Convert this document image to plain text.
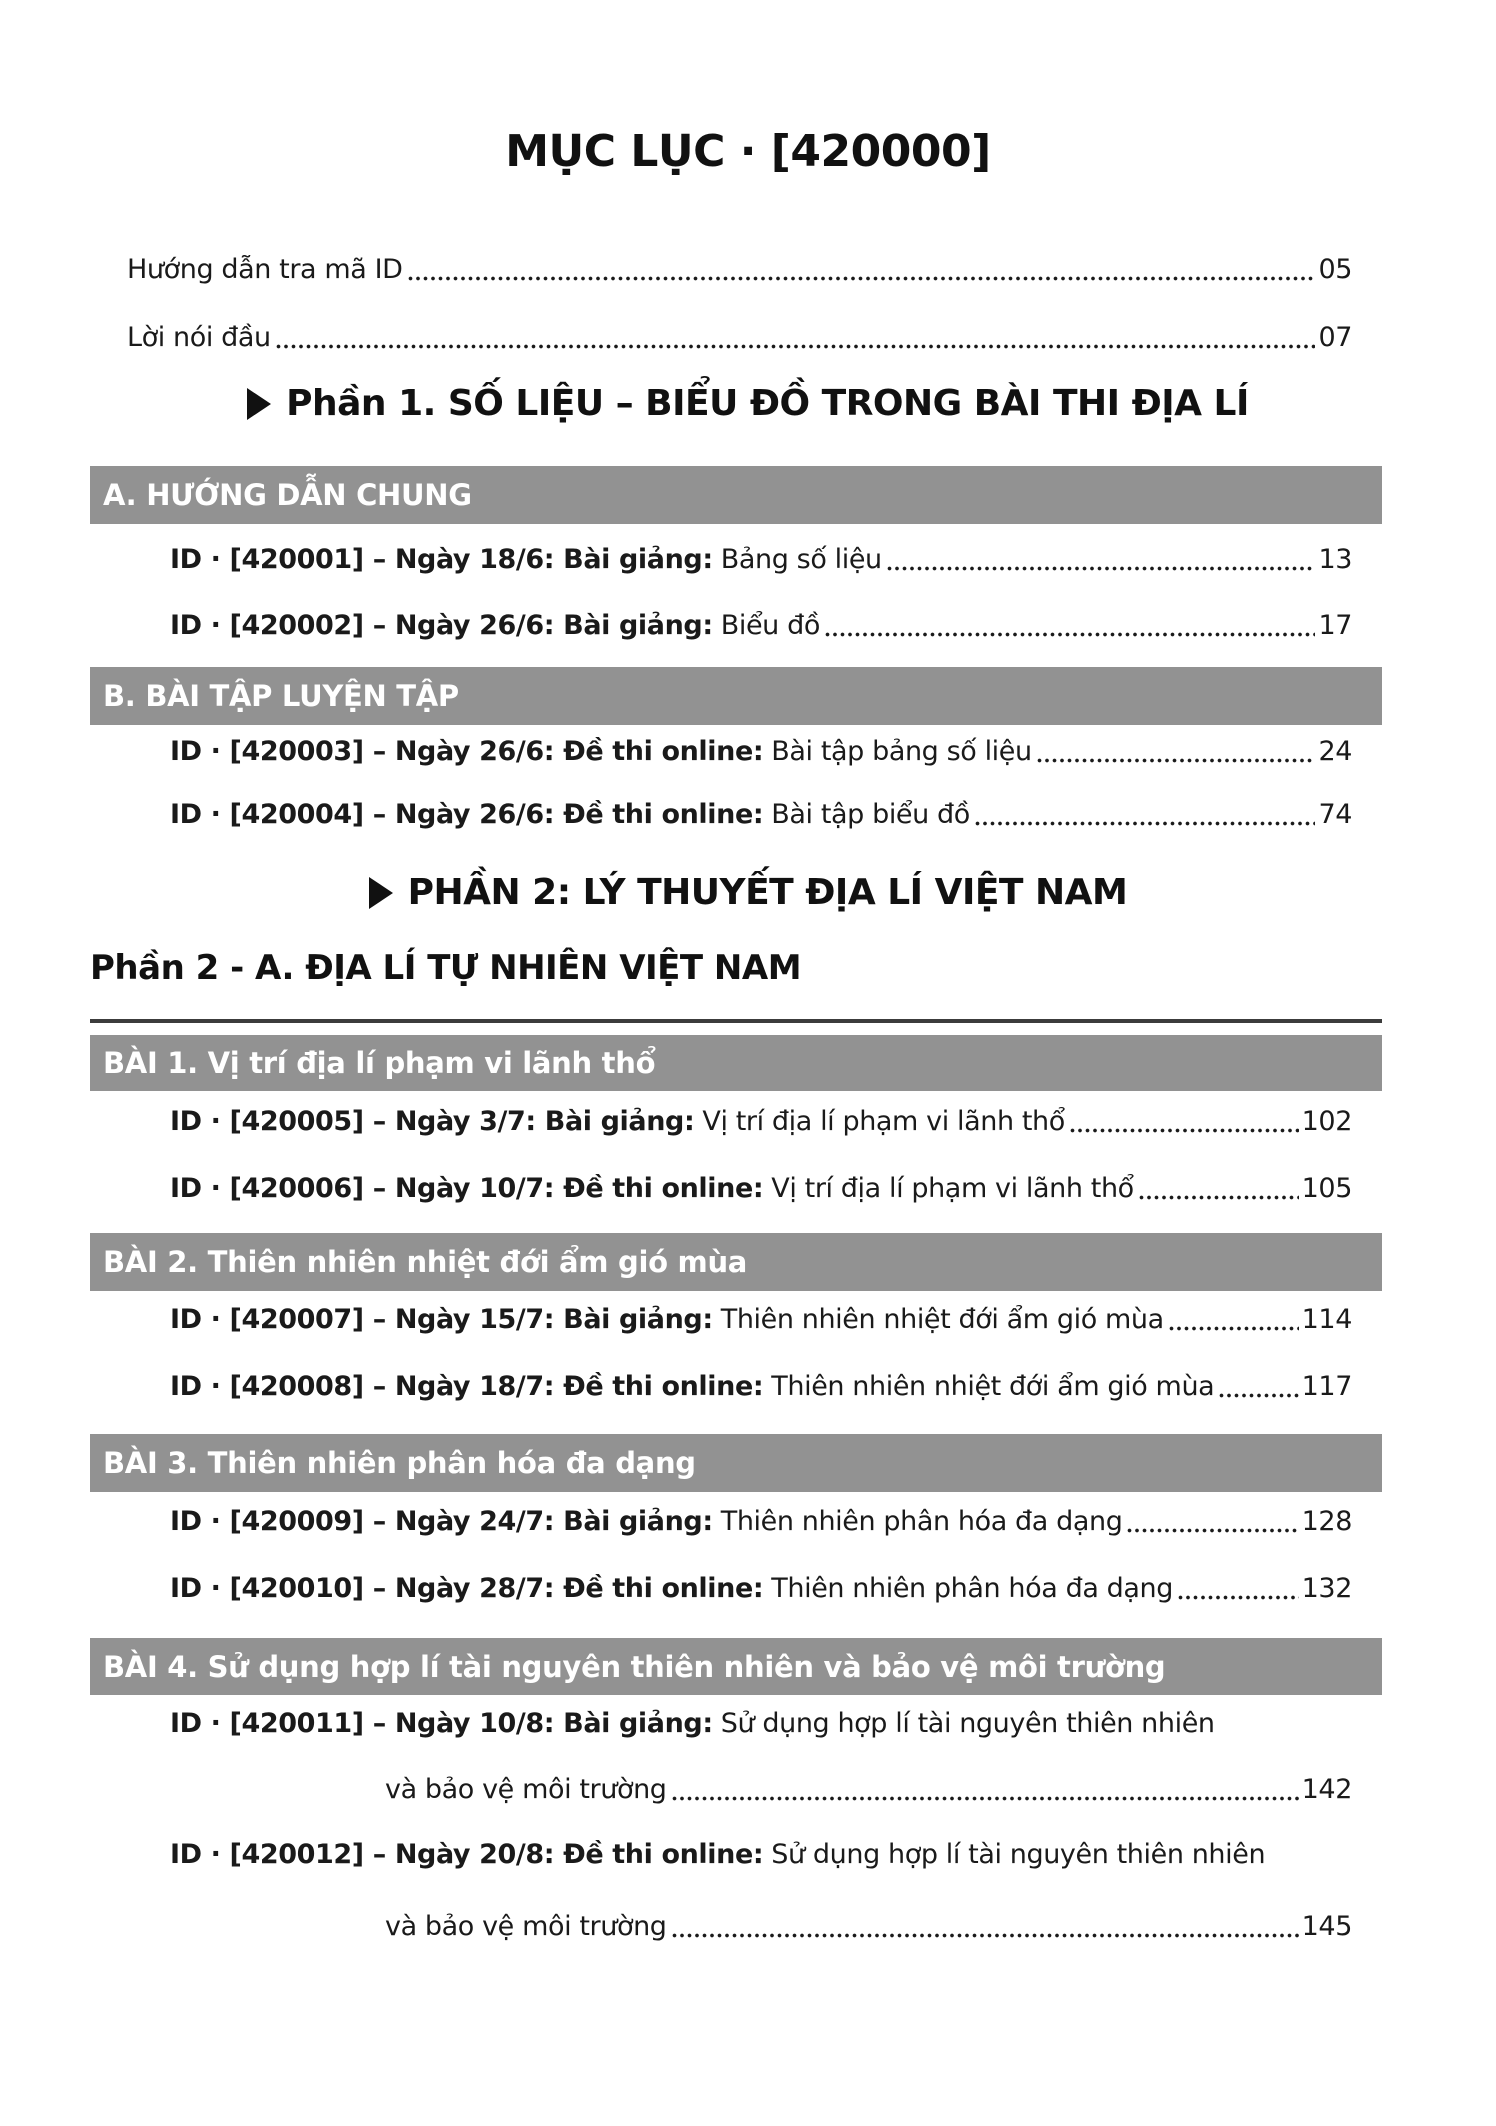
MỤC LỤC · [420000]
Hướng dẫn tra mã ID	05
Lời nói đầu	07
Phần 1. SỐ LIỆU – BIỂU ĐỒ TRONG BÀI THI ĐỊA LÍ
A. HƯỚNG DẪN CHUNG
ID · [420001] – Ngày 18/6: Bài giảng: Bảng số liệu	13
ID · [420002] – Ngày 26/6: Bài giảng: Biểu đồ	17
B. BÀI TẬP LUYỆN TẬP
ID · [420003] – Ngày 26/6: Đề thi online: Bài tập bảng số liệu	24
ID · [420004] – Ngày 26/6: Đề thi online: Bài tập biểu đồ	74
PHẦN 2: LÝ THUYẾT ĐỊA LÍ VIỆT NAM
Phần 2 - A. ĐỊA LÍ TỰ NHIÊN VIỆT NAM
BÀI 1. Vị trí địa lí phạm vi lãnh thổ
ID · [420005] – Ngày 3/7: Bài giảng: Vị trí địa lí phạm vi lãnh thổ	102
ID · [420006] – Ngày 10/7: Đề thi online: Vị trí địa lí phạm vi lãnh thổ	105
BÀI 2. Thiên nhiên nhiệt đới ẩm gió mùa
ID · [420007] – Ngày 15/7: Bài giảng: Thiên nhiên nhiệt đới ẩm gió mùa	114
ID · [420008] – Ngày 18/7: Đề thi online: Thiên nhiên nhiệt đới ẩm gió mùa	117
BÀI 3. Thiên nhiên phân hóa đa dạng
ID · [420009] – Ngày 24/7: Bài giảng: Thiên nhiên phân hóa đa dạng	128
ID · [420010] – Ngày 28/7: Đề thi online: Thiên nhiên phân hóa đa dạng	132
BÀI 4. Sử dụng hợp lí tài nguyên thiên nhiên và bảo vệ môi trường
ID · [420011] – Ngày 10/8: Bài giảng: Sử dụng hợp lí tài nguyên thiên nhiên
và bảo vệ môi trường	142
ID · [420012] – Ngày 20/8: Đề thi online: Sử dụng hợp lí tài nguyên thiên nhiên
và bảo vệ môi trường	145
